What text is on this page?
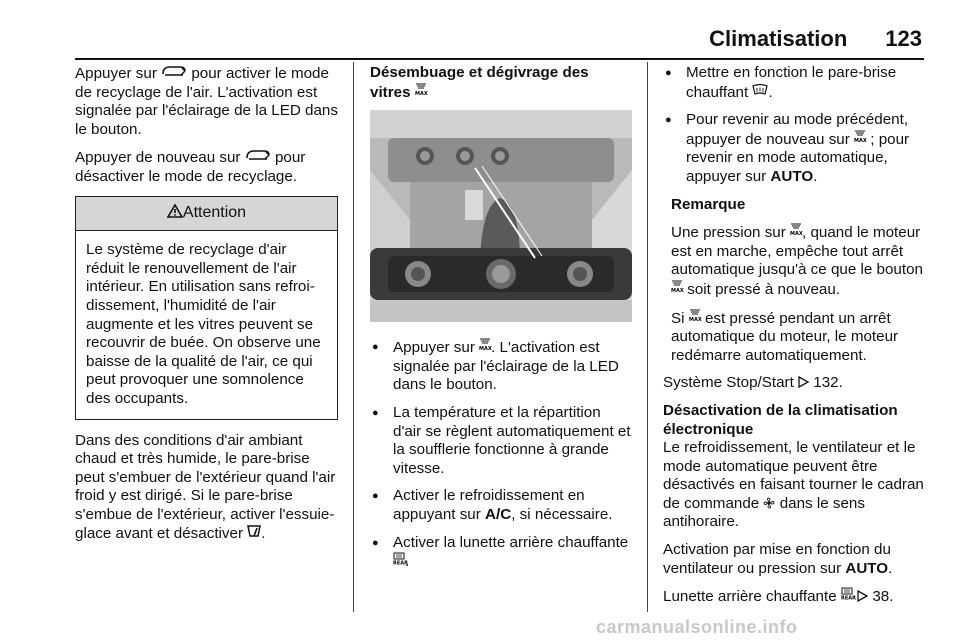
Climatisation 123

Appuyer sur  pour activer le mode de recyclage de l'air. L'activation est signalée par l'éclairage de la LED dans le bouton.

Appuyer de nouveau sur  pour désactiver le mode de recyclage.

Attention
Le système de recyclage d'air réduit le renouvellement de l'air intérieur. En utilisation sans refroidissement, l'humidité de l'air augmente et les vitres peuvent se recouvrir de buée. On observe une baisse de la qualité de l'air, ce qui peut provoquer une somnolence des occupants.

Dans des conditions d'air ambiant chaud et très humide, le pare-brise peut s'embuer de l'extérieur quand l'air froid y est dirigé. Si le pare-brise s'embue de l'extérieur, activer l'essuie-glace avant et désactiver .

Désembuage et dégivrage des vitres MAX
● Appuyer sur MAX . L'activation est signalée par l'éclairage de la LED dans le bouton.
● La température et la répartition d'air se règlent automatiquement et la soufflerie fonctionne à grande vitesse.
● Activer le refroidissement en appuyant sur A/C, si nécessaire.
● Activer la lunette arrière chauffante
REAR
.
● Mettre en fonction le pare-brise chauffant .
● Pour revenir au mode précédent, appuyer de nouveau sur MAX ; pour revenir en mode automatique, appuyer sur AUTO.

Remarque

Une pression sur MAX , quand le moteur est en marche, empêche tout arrêt automatique jusqu'à ce que le bouton
MAX soit pressé à nouveau.

Si MAX est pressé pendant un arrêt automatique du moteur, le moteur redémarre automatiquement.

Système Stop/Start  132.

Désactivation de la climatisation électronique

Le refroidissement, le ventilateur et le mode automatique peuvent être désactivés en faisant tourner le cadran de commande  dans le sens antihoraire.

Activation par mise en fonction du ventilateur ou pression sur AUTO.

Lunette arrière chauffante REAR 38.

carmanualsonline.info
